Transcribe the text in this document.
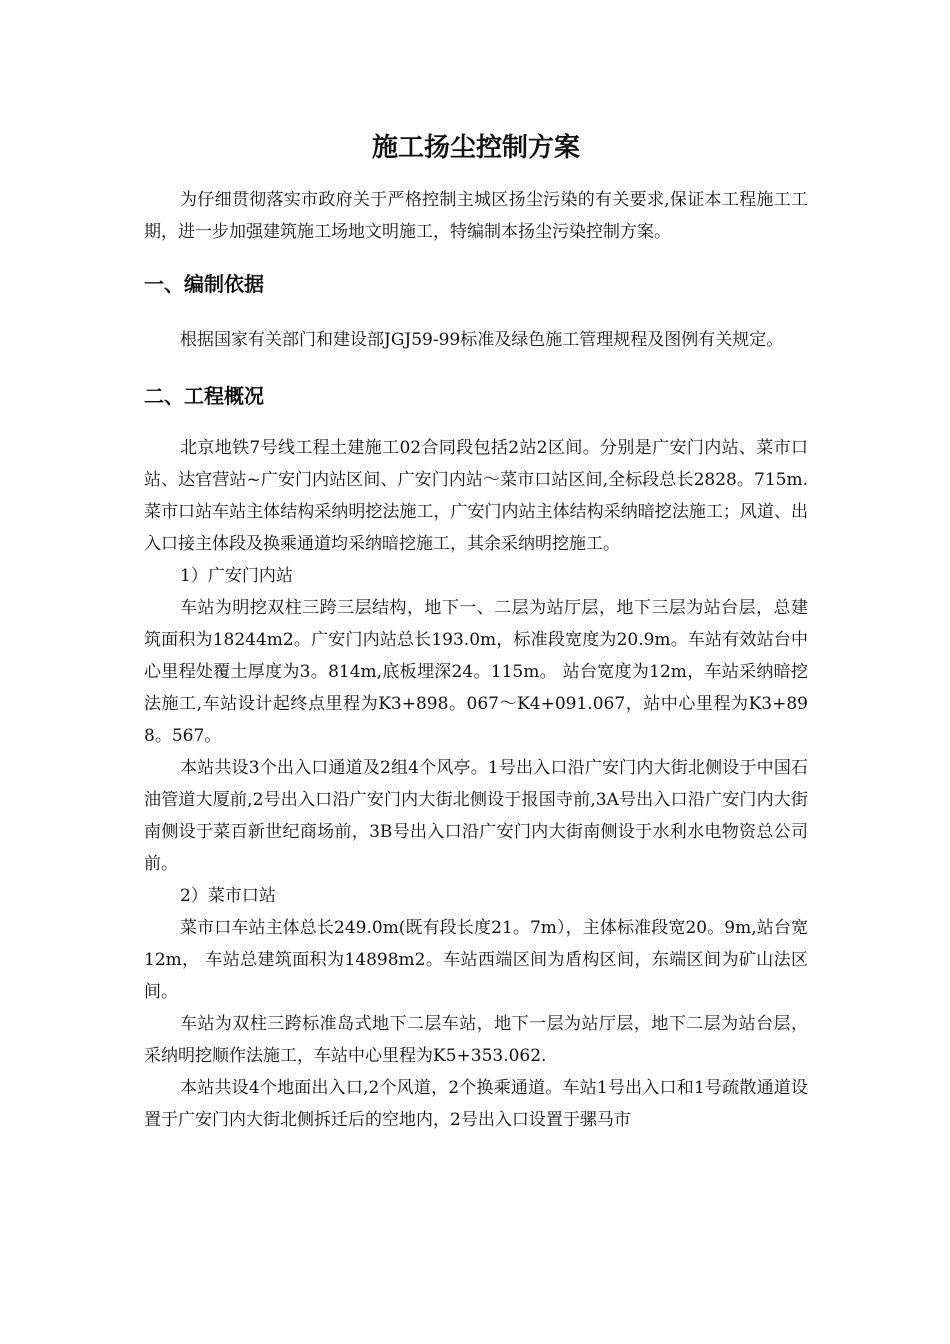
施工扬尘控制方案

为仔细贯彻落实市政府关于严格控制主城区扬尘污染的有关要求,保证本工程施工工期，进一步加强建筑施工场地文明施工，特编制本扬尘污染控制方案。

一、编制依据

根据国家有关部门和建设部JGJ59-99标准及绿色施工管理规程及图例有关规定。

二、工程概况

北京地铁7号线工程土建施工02合同段包括2站2区间。分别是广安门内站、菜市口站、达官营站~广安门内站区间、广安门内站～菜市口站区间,全标段总长2828。715m.菜市口站车站主体结构采纳明挖法施工，广安门内站主体结构采纳暗挖法施工；风道、出入口接主体段及换乘通道均采纳暗挖施工，其余采纳明挖施工。

1）广安门内站

车站为明挖双柱三跨三层结构，地下一、二层为站厅层，地下三层为站台层，总建筑面积为18244m2。广安门内站总长193.0m，标准段宽度为20.9m。车站有效站台中心里程处覆土厚度为3。814m,底板埋深24。115m。 站台宽度为12m，车站采纳暗挖法施工,车站设计起终点里程为K3+898。067～K4+091.067，站中心里程为K3+898。567。

本站共设3个出入口通道及2组4个风亭。1号出入口沿广安门内大街北侧设于中国石油管道大厦前,2号出入口沿广安门内大街北侧设于报国寺前,3A号出入口沿广安门内大街南侧设于菜百新世纪商场前，3B号出入口沿广安门内大街南侧设于水利水电物资总公司前。

2）菜市口站

菜市口车站主体总长249.0m(既有段长度21。7m），主体标准段宽20。9m,站台宽12m， 车站总建筑面积为14898m2。车站西端区间为盾构区间，东端区间为矿山法区间。

车站为双柱三跨标准岛式地下二层车站，地下一层为站厅层，地下二层为站台层，采纳明挖顺作法施工，车站中心里程为K5+353.062.

本站共设4个地面出入口,2个风道，2个换乘通道。车站1号出入口和1号疏散通道设置于广安门内大街北侧拆迁后的空地内，2号出入口设置于骡马市
